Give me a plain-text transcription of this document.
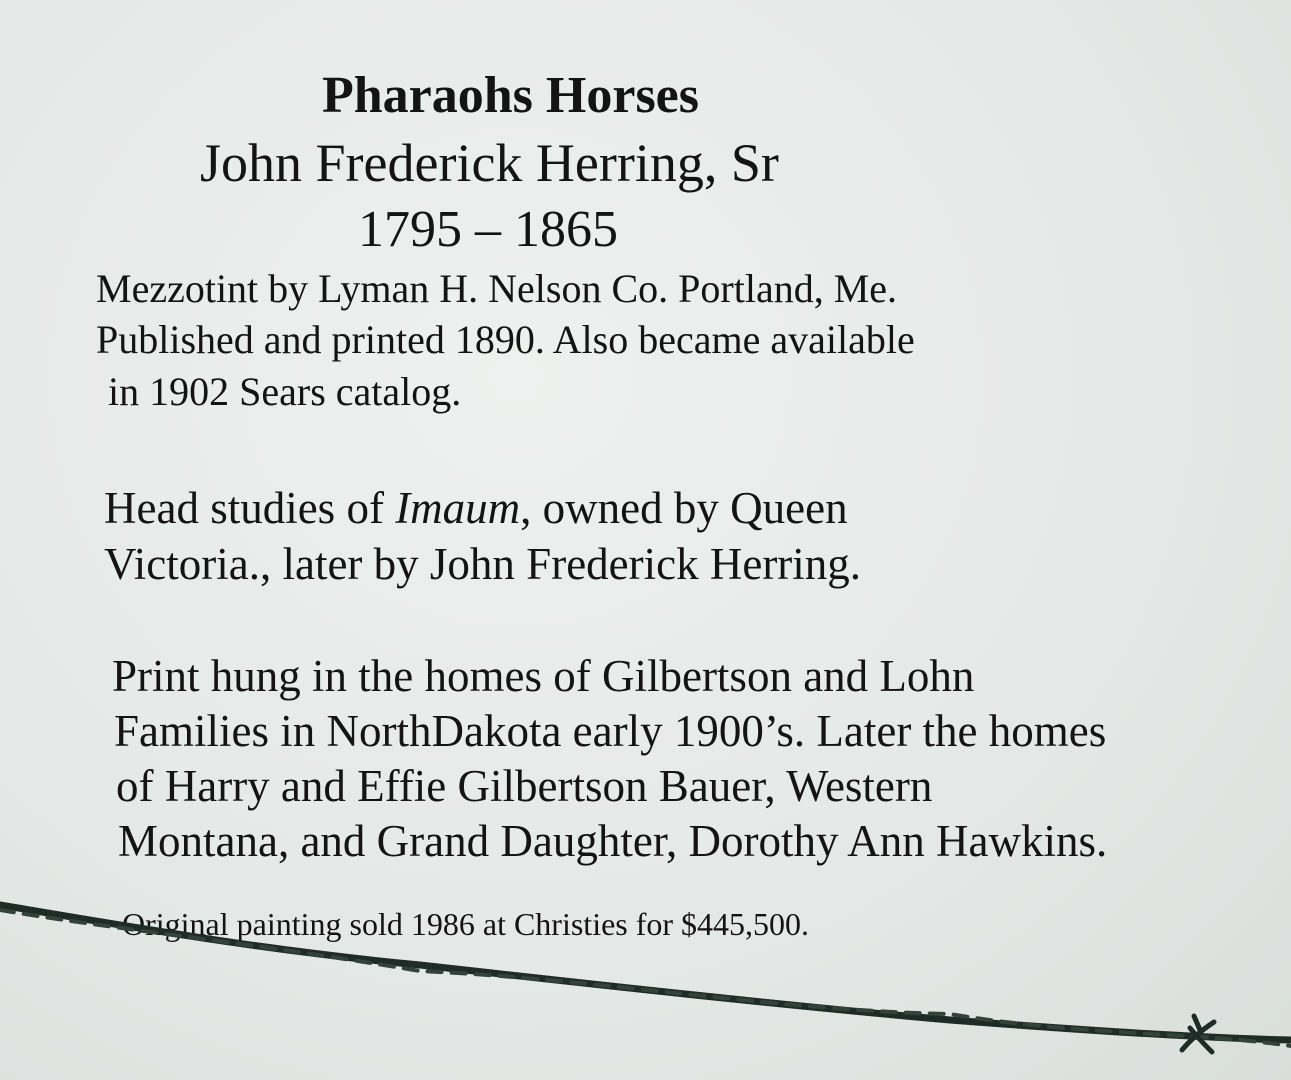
Pharaohs Horses
John Frederick Herring, Sr
1795 – 1865
Mezzotint by Lyman H. Nelson Co. Portland, Me.
Published and printed 1890. Also became available
in 1902 Sears catalog.
Head studies of Imaum, owned by Queen
Victoria., later by John Frederick Herring.
Print hung in the homes of Gilbertson and Lohn
Families in NorthDakota early 1900’s. Later the homes
of Harry and Effie Gilbertson Bauer, Western
Montana, and Grand Daughter, Dorothy Ann Hawkins.
Original painting sold 1986 at Christies for $445,500.
